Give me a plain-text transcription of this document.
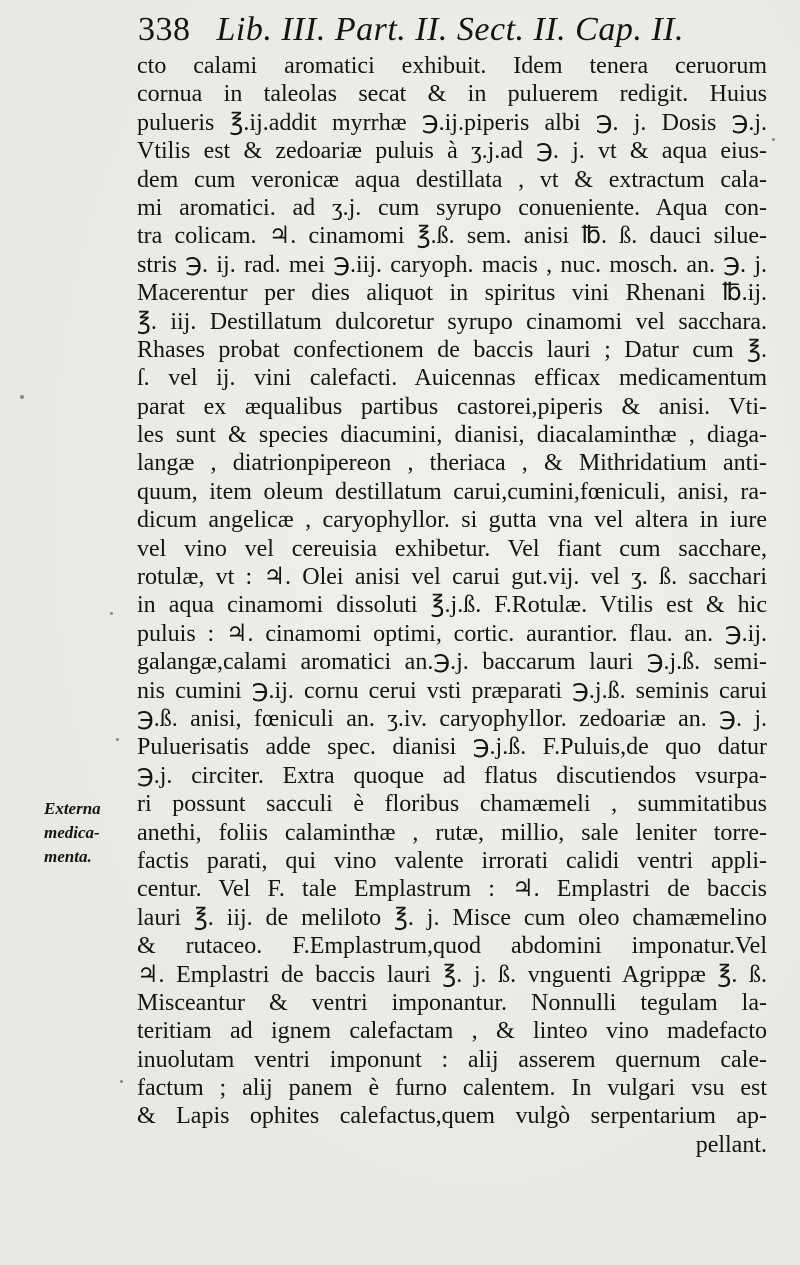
338 Lib. III. Part. II. Sect. II. Cap. II.
cto calami aromatici exhibuit. Idem tenera ceruorum
cornua in taleolas secat & in puluerem redigit. Huius
pulueris ℥.ij.addit myrrhæ ℈.ij.piperis albi ℈. j. Dosis ℈.j.
Vtilis est & zedoariæ puluis à ʒ.j.ad ℈. j. vt & aqua eius-
dem cum veronicæ aqua destillata , vt & extractum cala-
mi aromatici. ad ʒ.j. cum syrupo conueniente. Aqua con-
tra colicam. ♃. cinamomi ℥.ß. sem. anisi ℔. ß. dauci silue-
stris ℈. ij. rad. mei ℈.iij. caryoph. macis , nuc. mosch. an. ℈. j.
Macerentur per dies aliquot in spiritus vini Rhenani ℔.ij.
℥. iij. Destillatum dulcoretur syrupo cinamomi vel sacchara.
Rhases probat confectionem de baccis lauri ; Datur cum ℥.
ſ. vel ij. vini calefacti. Auicennas efficax medicamentum
parat ex æqualibus partibus castorei,piperis & anisi. Vti-
les sunt & species diacumini, dianisi, diacalaminthæ , diaga-
langæ , diatrionpipereon , theriaca , & Mithridatium anti-
quum, item oleum destillatum carui,cumini,fœniculi, anisi, ra-
dicum angelicæ , caryophyllor. si gutta vna vel altera in iure
vel vino vel cereuisia exhibetur. Vel fiant cum sacchare,
rotulæ, vt : ♃. Olei anisi vel carui gut.vij. vel ʒ. ß. sacchari
in aqua cinamomi dissoluti ℥.j.ß. F.Rotulæ. Vtilis est & hic
puluis : ♃. cinamomi optimi, cortic. aurantior. flau. an. ℈.ij.
galangæ,calami aromatici an.℈.j. baccarum lauri ℈.j.ß. semi-
nis cumini ℈.ij. cornu cerui vsti præparati ℈.j.ß. seminis carui
℈.ß. anisi, fœniculi an. ʒ.iv. caryophyllor. zedoariæ an. ℈. j.
Puluerisatis adde spec. dianisi ℈.j.ß. F.Puluis,de quo datur
℈.j. circiter. Extra quoque ad flatus discutiendos vsurpa-
ri possunt sacculi è floribus chamæmeli , summitatibus
anethi, foliis calaminthæ , rutæ, millio, sale leniter torre-
factis parati, qui vino valente irrorati calidi ventri appli-
centur. Vel F. tale Emplastrum : ♃. Emplastri de baccis
lauri ℥. iij. de meliloto ℥. j. Misce cum oleo chamæmelino
& rutaceo. F.Emplastrum,quod abdomini imponatur.Vel
♃. Emplastri de baccis lauri ℥. j. ß. vnguenti Agrippæ ℥. ß.
Misceantur & ventri imponantur. Nonnulli tegulam la-
teritiam ad ignem calefactam , & linteo vino madefacto
inuolutam ventri imponunt : alij asserem quernum cale-
factum ; alij panem è furno calentem. In vulgari vsu est
& Lapis ophites calefactus,quem vulgò serpentarium ap-
pellant.
Externa
medica-
menta.
